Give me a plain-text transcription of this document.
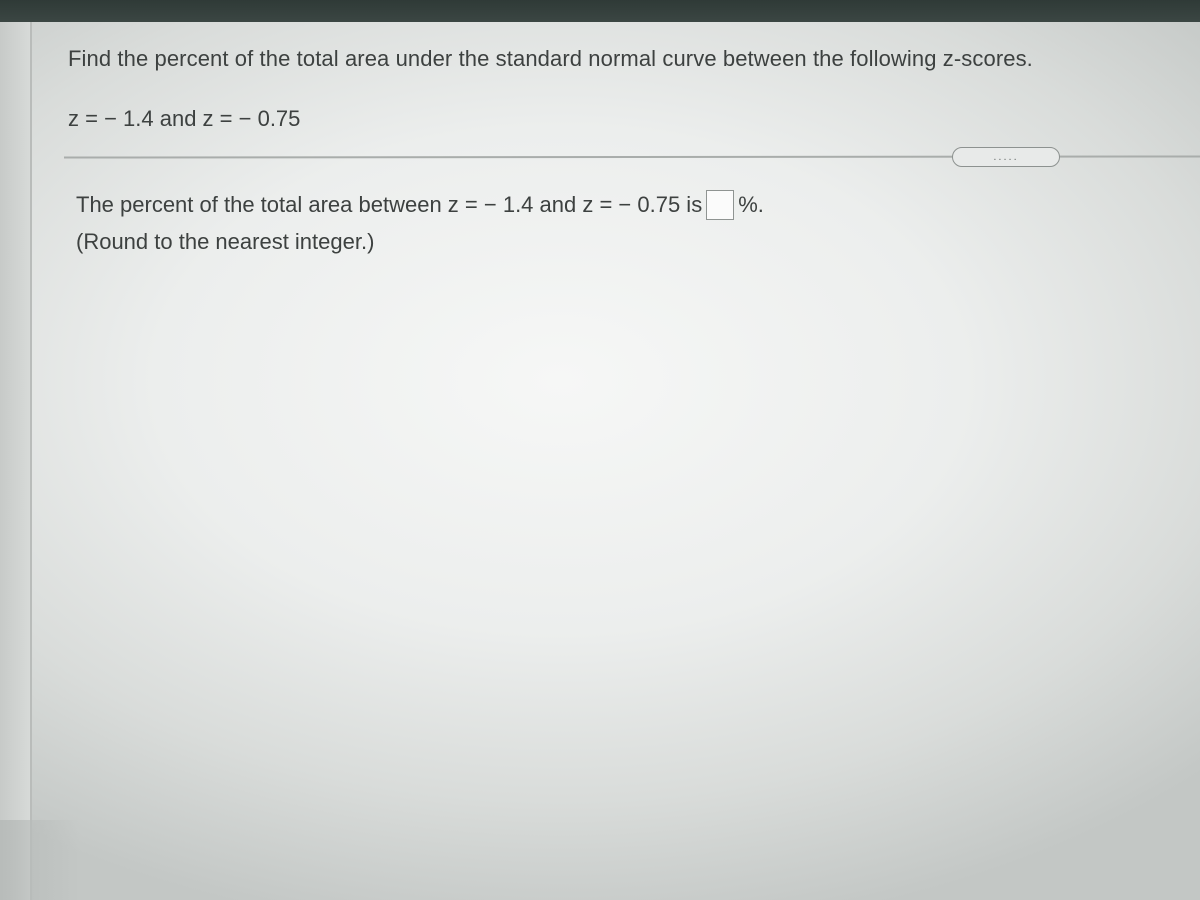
Find the percent of the total area under the standard normal curve between the following z-scores.
z = − 1.4 and z = − 0.75
.....
The percent of the total area between z = − 1.4 and z = − 0.75 is %.
(Round to the nearest integer.)
